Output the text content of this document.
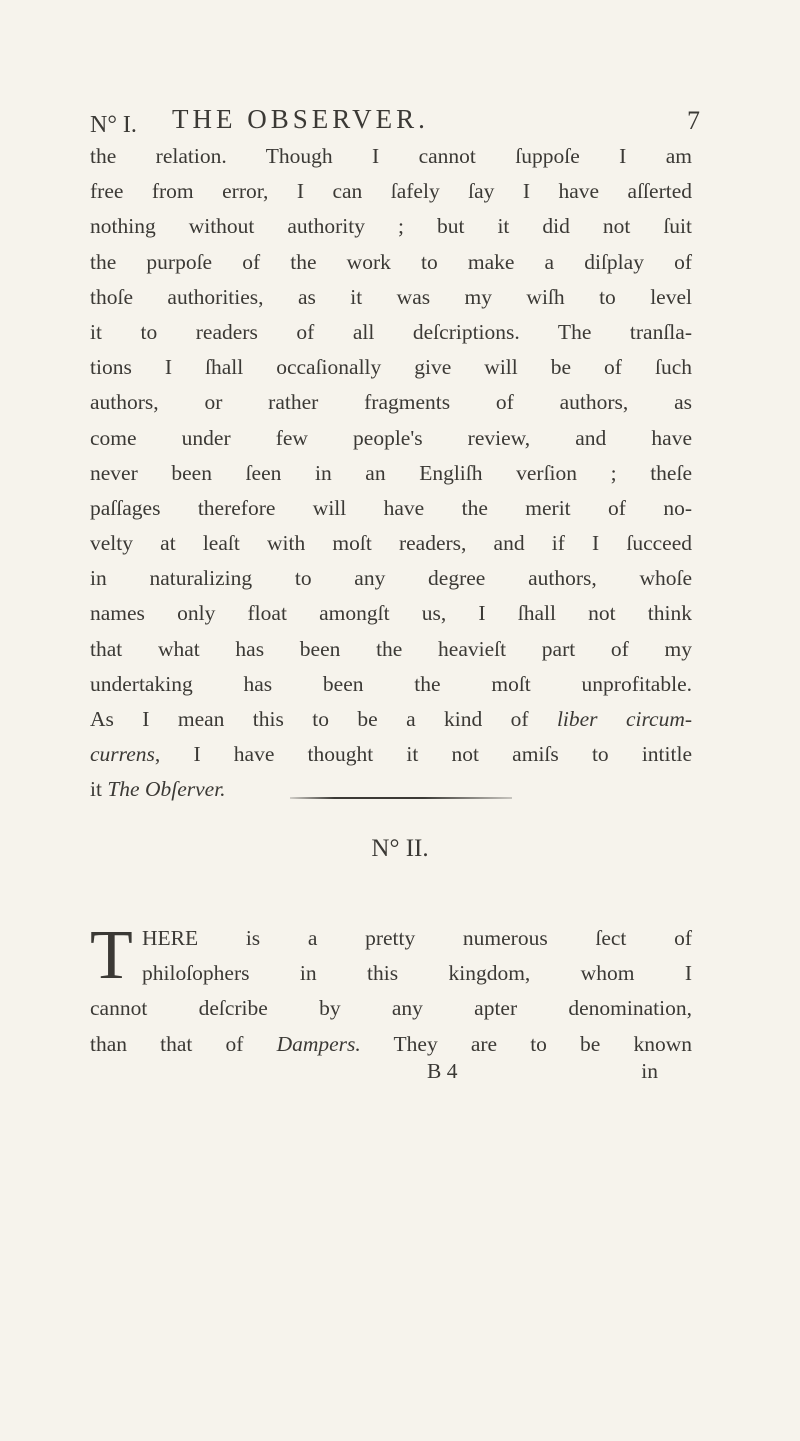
N° I. THE OBSERVER.	7
the relation. Though I cannot ſuppoſe I am
free from error, I can ſafely ſay I have aſſerted
nothing without authority ; but it did not ſuit
the purpoſe of the work to make a diſplay of
thoſe authorities, as it was my wiſh to level
it to readers of all deſcriptions. The tranſla-
tions I ſhall occaſionally give will be of ſuch
authors, or rather fragments of authors, as
come under few people's review, and have
never been ſeen in an Engliſh verſion ; theſe
paſſages therefore will have the merit of no-
velty at leaſt with moſt readers, and if I ſucceed
in naturalizing to any degree authors, whoſe
names only float amongſt us, I ſhall not think
that what has been the heavieſt part of my
undertaking has been the moſt unprofitable.
As I mean this to be a kind of liber circum-
currens, I have thought it not amiſs to intitle
it The Obſerver.
N° II.
T HERE is a pretty numerous ſect of
philoſophers in this kingdom, whom I
cannot deſcribe by any apter denomination,
than that of Dampers. They are to be known
B 4	in
